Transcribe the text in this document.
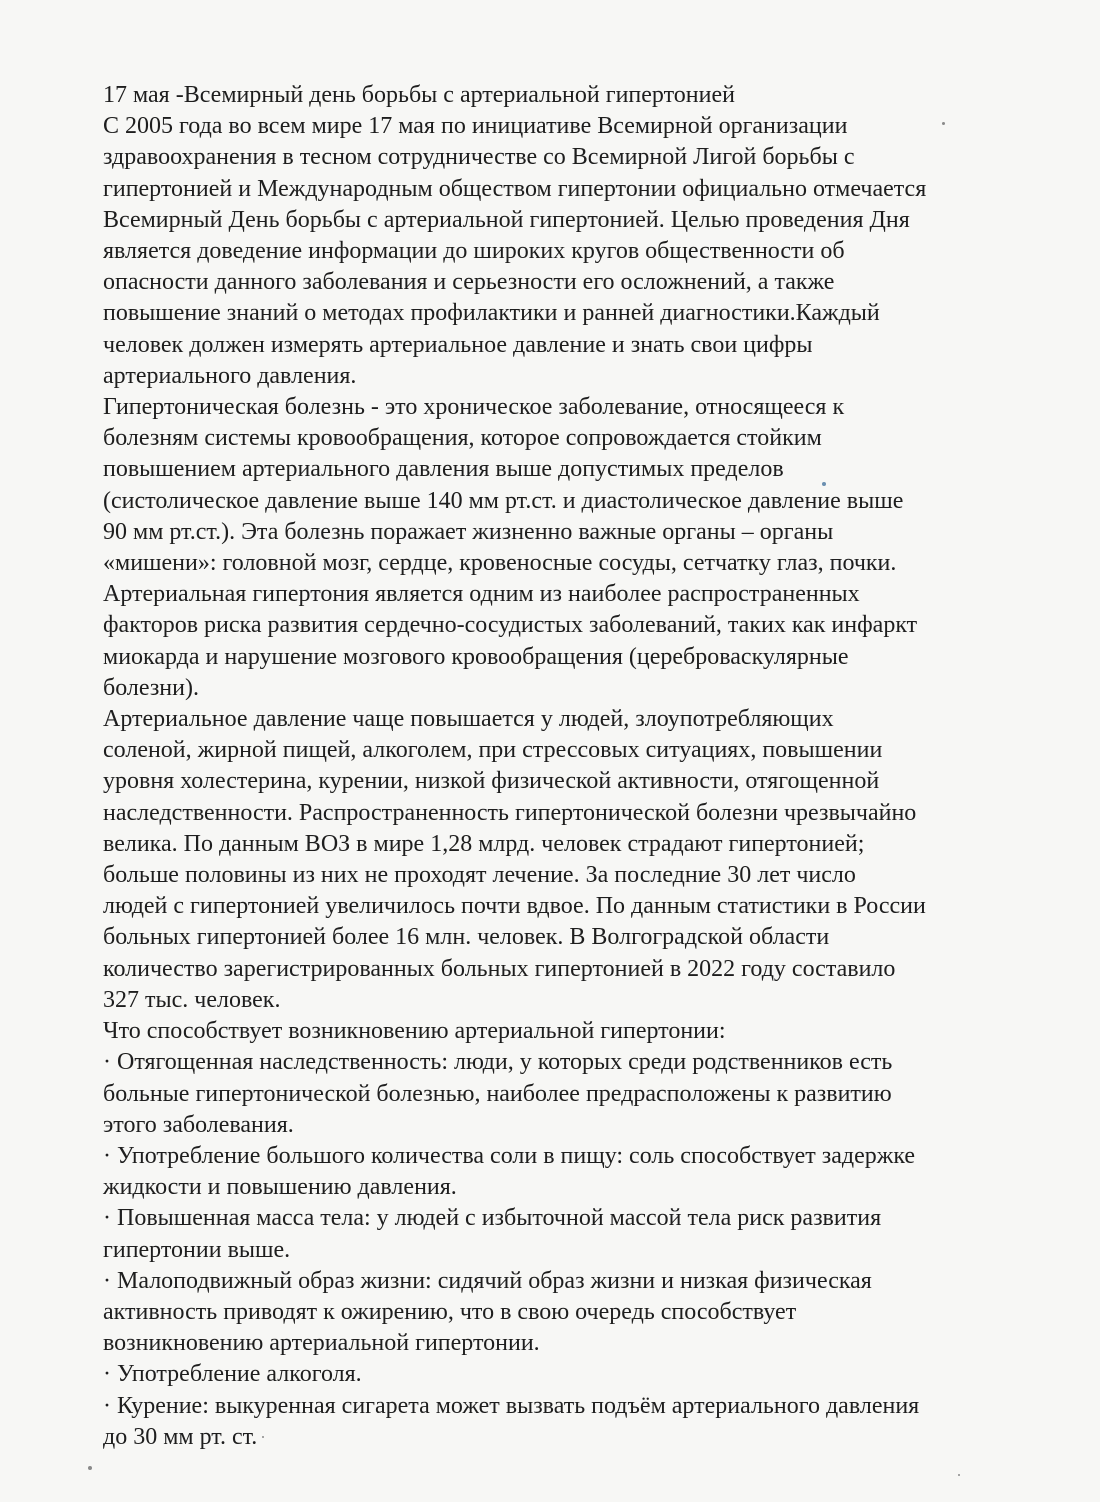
17 мая -Всемирный день борьбы с артериальной гипертонией
С 2005 года во всем мире 17 мая по инициативе Всемирной организации
здравоохранения в тесном сотрудничестве со Всемирной Лигой борьбы с
гипертонией и Международным обществом гипертонии официально отмечается
Всемирный День борьбы с артериальной гипертонией. Целью проведения Дня
является доведение информации до широких кругов общественности об
опасности данного заболевания и серьезности его осложнений, а также
повышение знаний о методах профилактики и ранней диагностики.Каждый
человек должен измерять артериальное давление и знать свои цифры
артериального давления.
Гипертоническая болезнь - это хроническое заболевание, относящееся к
болезням системы кровообращения, которое сопровождается стойким
повышением артериального давления выше допустимых пределов
(систолическое давление выше 140 мм рт.ст. и диастолическое давление выше
90 мм рт.ст.). Эта болезнь поражает жизненно важные органы – органы
«мишени»: головной мозг, сердце, кровеносные сосуды, сетчатку глаз, почки.
Артериальная гипертония является одним из наиболее распространенных
факторов риска развития сердечно-сосудистых заболеваний, таких как инфаркт
миокарда и нарушение мозгового кровообращения (цереброваскулярные
болезни).
Артериальное давление чаще повышается у людей, злоупотребляющих
соленой, жирной пищей, алкоголем, при стрессовых ситуациях, повышении
уровня холестерина, курении, низкой физической активности, отягощенной
наследственности. Распространенность гипертонической болезни чрезвычайно
велика. По данным ВОЗ в мире 1,28 млрд. человек страдают гипертонией;
больше половины из них не проходят лечение. За последние 30 лет число
людей с гипертонией увеличилось почти вдвое. По данным статистики в России
больных гипертонией более 16 млн. человек. В Волгоградской области
количество зарегистрированных больных гипертонией в 2022 году составило
327 тыс. человек.
Что способствует возникновению артериальной гипертонии:
· Отягощенная наследственность: люди, у которых среди родственников есть
больные гипертонической болезнью, наиболее предрасположены к развитию
этого заболевания.
· Употребление большого количества соли в пищу: соль способствует задержке
жидкости и повышению давления.
· Повышенная масса тела: у людей с избыточной массой тела риск развития
гипертонии выше.
· Малоподвижный образ жизни: сидячий образ жизни и низкая физическая
активность приводят к ожирению, что в свою очередь способствует
возникновению артериальной гипертонии.
· Употребление алкоголя.
· Курение: выкуренная сигарета может вызвать подъём артериального давления
до 30 мм рт. ст.
